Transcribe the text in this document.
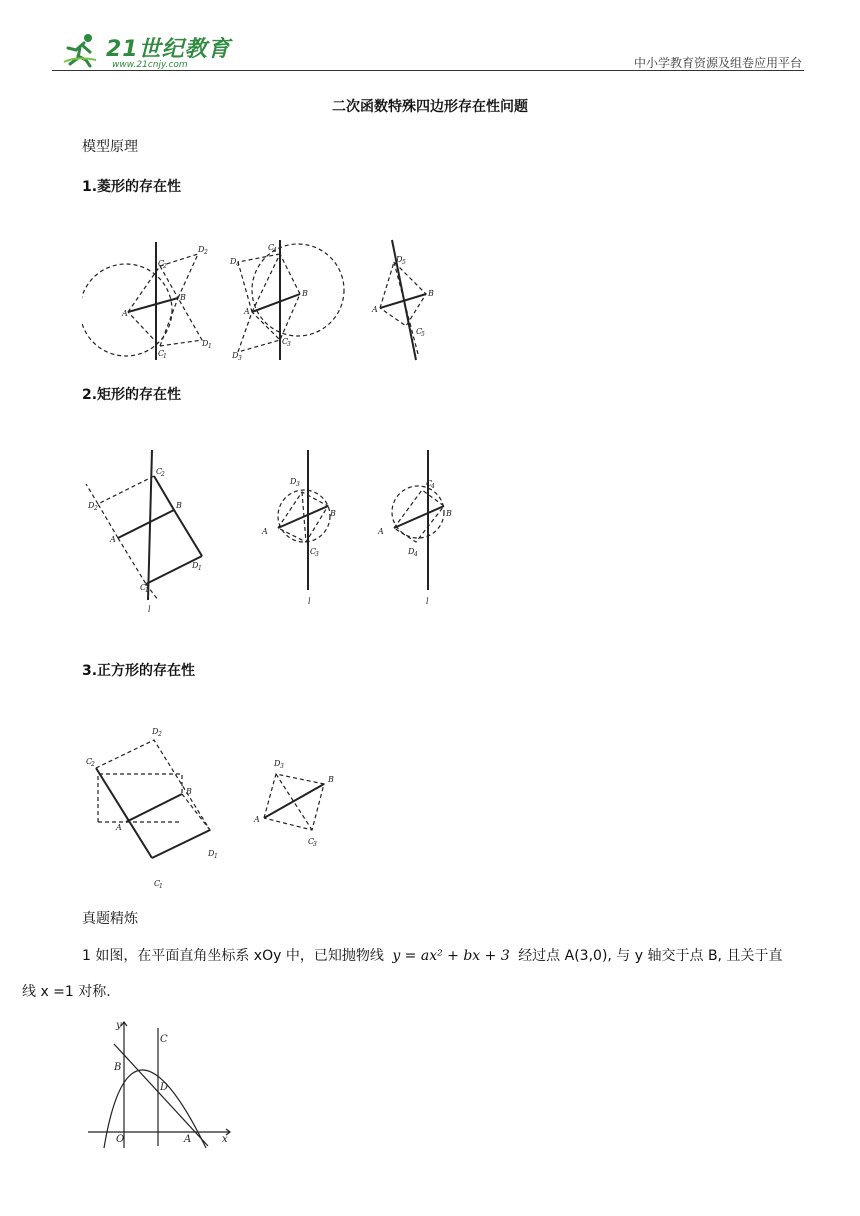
21世纪教育
www.21cnjy.com	中小学教育资源及组卷应用平台
二次函数特殊四边形存在性问题
模型原理
1.菱形的存在性
A
B
C
2
D 2
C
1
D 1
A
B
C
4
D 4
C
3
D 3
A
B
D 5
C
5
2.矩形的存在性
C
2
B
D 2
A
D 1
C
1
l
D 3
B
A
C
3
l
C
4
B
A
D 4
l
3.正方形的存在性
D 2
C
2
B
A
D 1
C
1
D 3
B
A
C
3
真题精炼
1 如图，在平面直角坐标系 xOy 中，已知抛物线 y = ax² + bx + 3 经过点 A(3,0), 与 y 轴交于点 B, 且关于直
线 x =1 对称.
y
x
O	A
B
C
D
